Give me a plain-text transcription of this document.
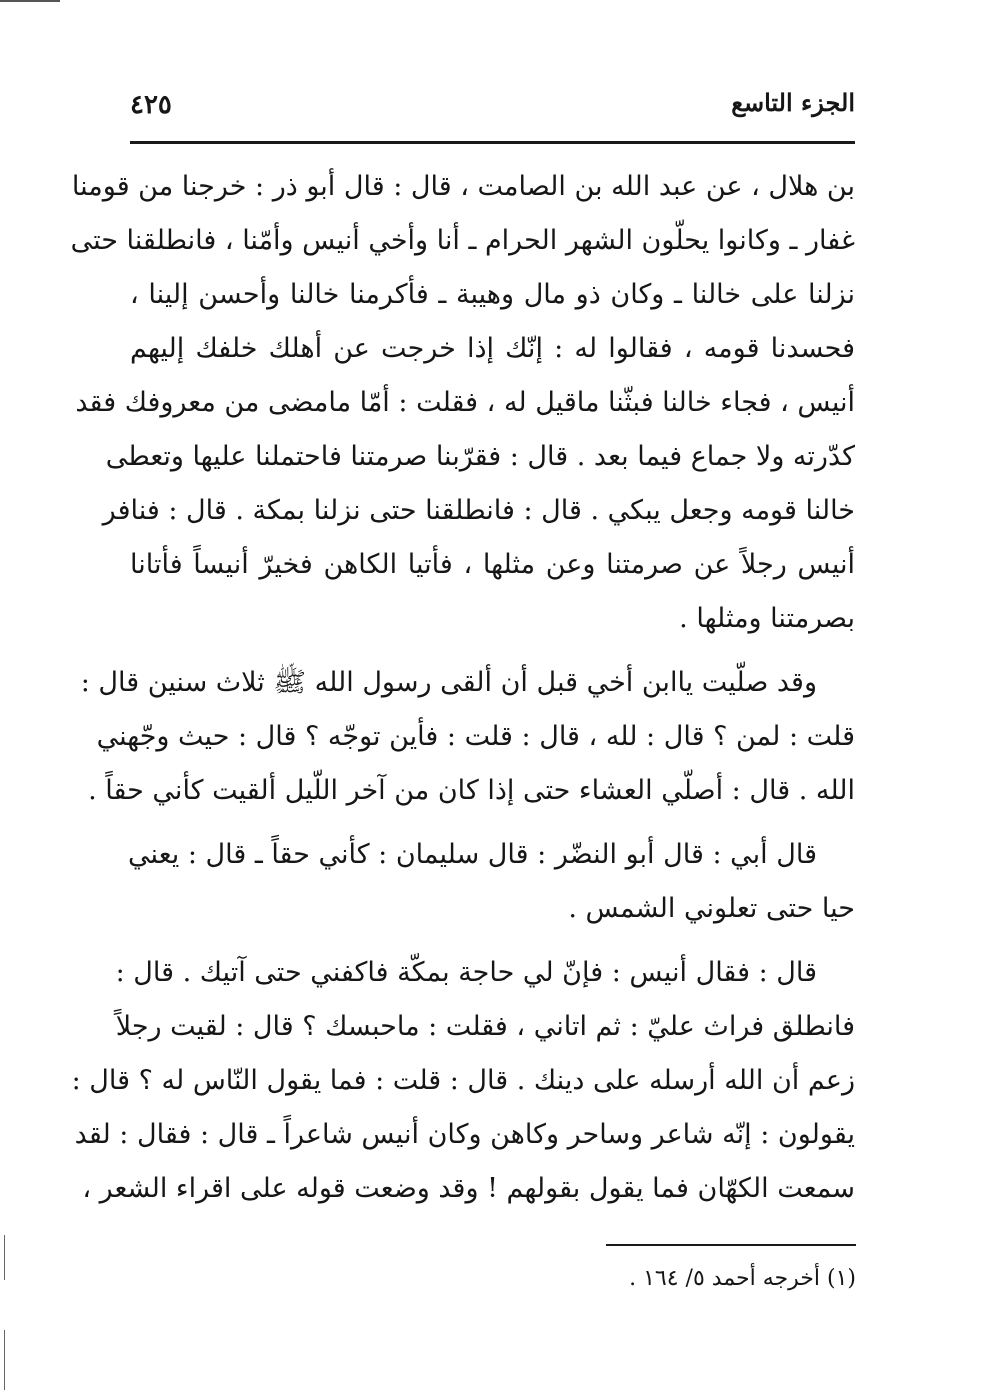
الجزء التاسع
٤٢٥
بن هلال ، عن عبد الله بن الصامت ، قال : قال أبو ذر : خرجنا من قومنا
غفار ـ وكانوا يحلّون الشهر الحرام ـ أنا وأخي أنيس وأمّنا ، فانطلقنا حتى
نزلنا على خالنا ـ وكان ذو مال وهيبة ـ فأكرمنا خالنا وأحسن إلينا ،
فحسدنا قومه ، فقالوا له : إنّك إذا خرجت عن أهلك خلفك إليهم
أنيس ، فجاء خالنا فبثّنا ماقيل له ، فقلت : أمّا مامضى من معروفك فقد
كدّرته ولا جماع فيما بعد . قال : فقرّبنا صرمتنا فاحتملنا عليها وتعطى
خالنا قومه وجعل يبكي . قال : فانطلقنا حتى نزلنا بمكة . قال : فنافر
أنيس رجلاً عن صرمتنا وعن مثلها ، فأتيا الكاهن فخيرّ أنيساً فأتانا
بصرمتنا ومثلها .
وقد صلّيت ياابن أخي قبل أن ألقى رسول الله ﷺ ثلاث سنين قال :
قلت : لمن ؟ قال : لله ، قال : قلت : فأين توجّه ؟ قال : حيث وجّهني
الله . قال : أصلّي العشاء حتى إذا كان من آخر اللّيل ألقيت كأني حقاً .
قال أبي : قال أبو النضّر : قال سليمان : كأني حقاً ـ قال : يعني
حيا حتى تعلوني الشمس .
قال : فقال أنيس : فإنّ لي حاجة بمكّة فاكفني حتى آتيك . قال :
فانطلق فراث عليّ : ثم اتاني ، فقلت : ماحبسك ؟ قال : لقيت رجلاً
زعم أن الله أرسله على دينك . قال : قلت : فما يقول النّاس له ؟ قال :
يقولون : إنّه شاعر وساحر وكاهن وكان أنيس شاعراً ـ قال : فقال : لقد
سمعت الكهّان فما يقول بقولهم ! وقد وضعت قوله على اقراء الشعر ،
(١) أخرجه أحمد ٥/ ١٦٤ .
